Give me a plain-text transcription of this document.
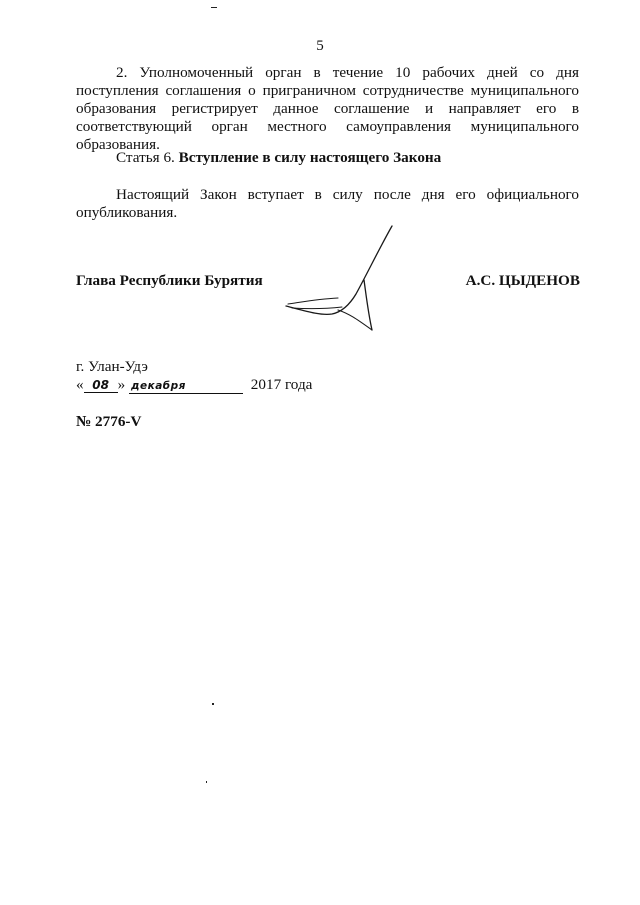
5
2. Уполномоченный орган в течение 10 рабочих дней со дня поступления соглашения о приграничном сотрудничестве муниципального образования регистрирует данное соглашение и направляет его в соответствующий орган местного самоуправления муниципального образования.
Статья 6. Вступление в силу настоящего Закона
Настоящий Закон вступает в силу после дня его официального опубликования.
Глава Республики Бурятия	А.С. ЦЫДЕНОВ
г. Улан-Удэ
« 08 » декабря	2017 года
№ 2776-V
